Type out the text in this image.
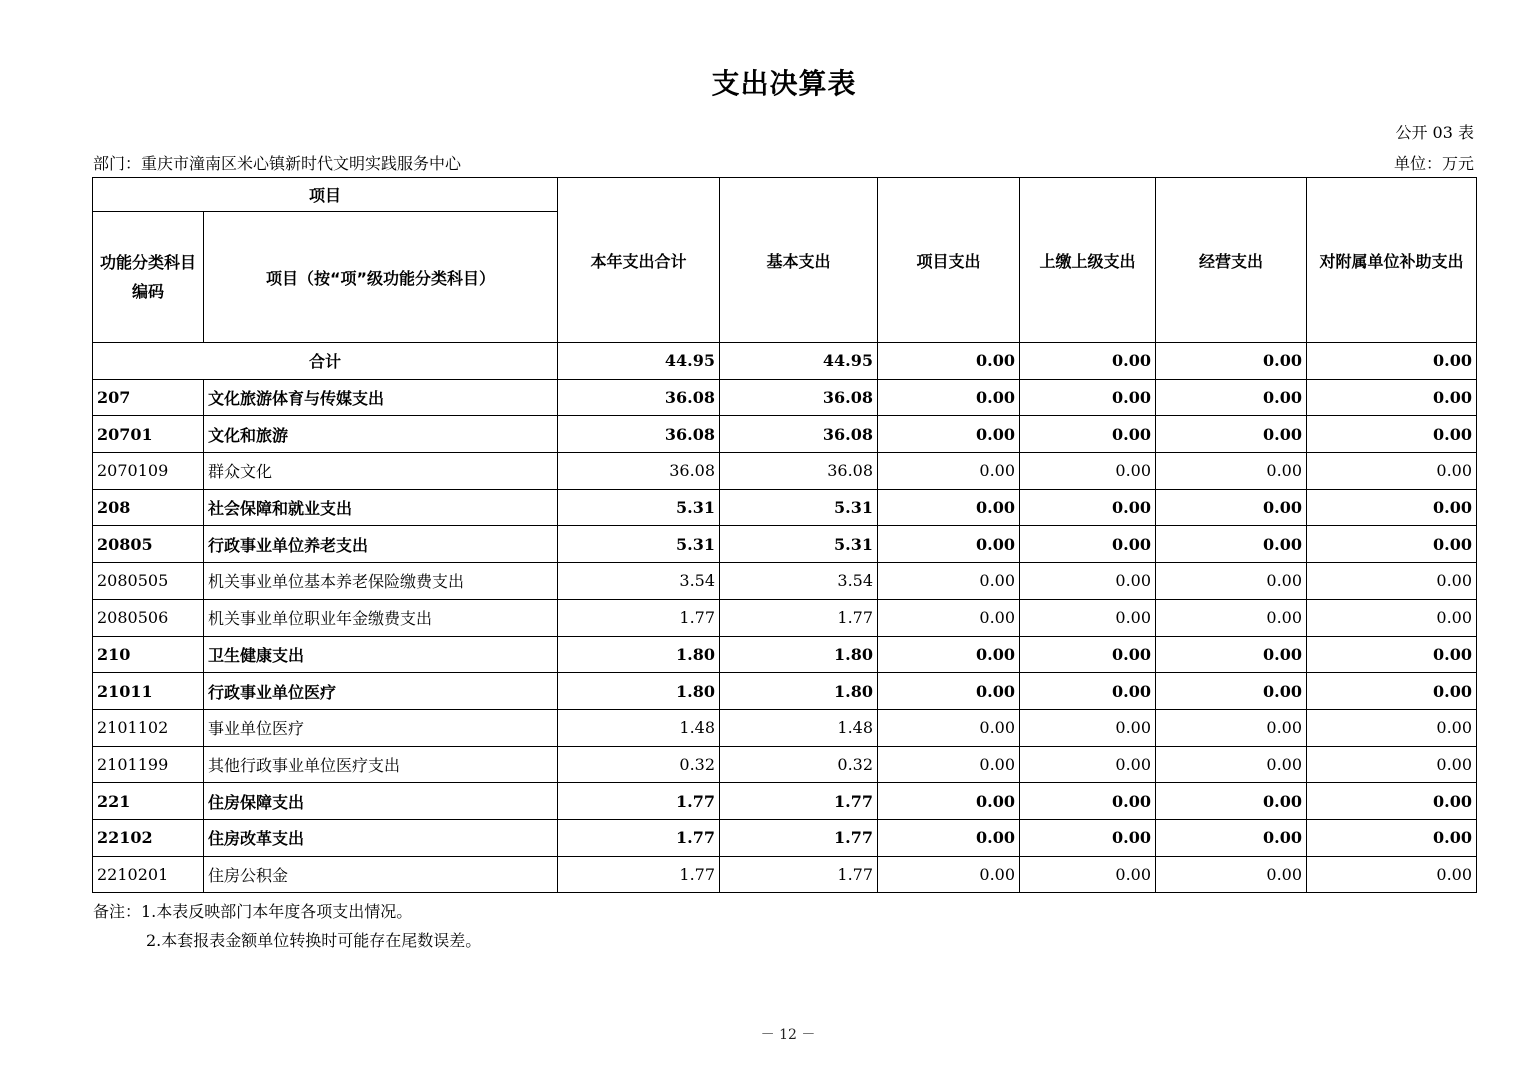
支出决算表
公开 03 表
部门：重庆市潼南区米心镇新时代文明实践服务中心	单位：万元
项目		本年支出合计	基本支出	项目支出	上缴上级支出	经营支出	对附属单位补助支出
功能分类科目编码	项目（按“项”级功能分类科目）						
合计		44.95	44.95	0.00	0.00	0.00	0.00
207	文化旅游体育与传媒支出	36.08	36.08	0.00	0.00	0.00	0.00
20701	文化和旅游	36.08	36.08	0.00	0.00	0.00	0.00
2070109	群众文化	36.08	36.08	0.00	0.00	0.00	0.00
208	社会保障和就业支出	5.31	5.31	0.00	0.00	0.00	0.00
20805	行政事业单位养老支出	5.31	5.31	0.00	0.00	0.00	0.00
2080505	机关事业单位基本养老保险缴费支出	3.54	3.54	0.00	0.00	0.00	0.00
2080506	机关事业单位职业年金缴费支出	1.77	1.77	0.00	0.00	0.00	0.00
210	卫生健康支出	1.80	1.80	0.00	0.00	0.00	0.00
21011	行政事业单位医疗	1.80	1.80	0.00	0.00	0.00	0.00
2101102	事业单位医疗	1.48	1.48	0.00	0.00	0.00	0.00
2101199	其他行政事业单位医疗支出	0.32	0.32	0.00	0.00	0.00	0.00
221	住房保障支出	1.77	1.77	0.00	0.00	0.00	0.00
22102	住房改革支出	1.77	1.77	0.00	0.00	0.00	0.00
2210201	住房公积金	1.77	1.77	0.00	0.00	0.00	0.00
备注：1.本表反映部门本年度各项支出情况。
2.本套报表金额单位转换时可能存在尾数误差。
－ 12 －
